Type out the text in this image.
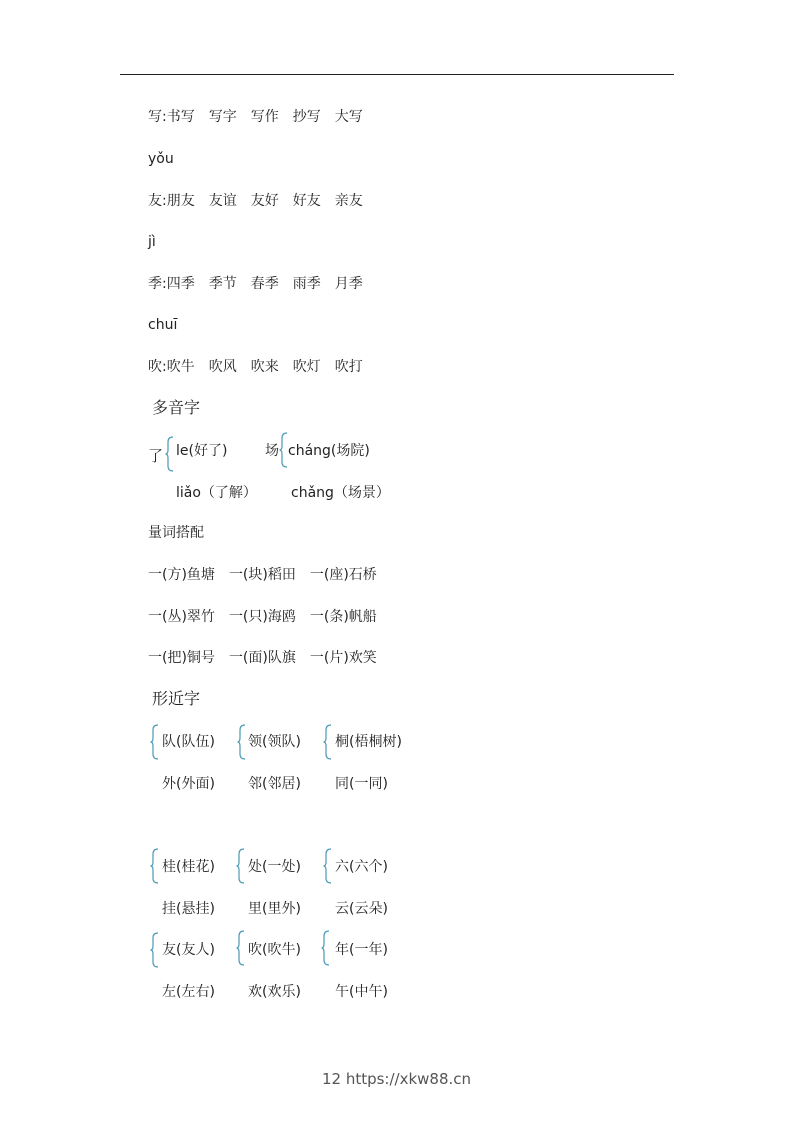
写:书写 写字 写作 抄写 大写
yǒu
友:朋友 友谊 友好 好友 亲友
jì
季:四季 季节 春季 雨季 月季
chuī
吹:吹牛 吹风 吹来 吹灯 吹打
多音字
了 le(好了)
liǎo（了解）
场 cháng(场院)
chǎng（场景）
量词搭配
一(方)鱼塘 一(块)稻田 一(座)石桥
一(丛)翠竹 一(只)海鸥 一(条)帆船
一(把)铜号 一(面)队旗 一(片)欢笑
形近字
队(队伍)
外(外面)
领(领队)
邻(邻居)
桐(梧桐树)
同(一同)
桂(桂花)
挂(悬挂)
处(一处)
里(里外)
六(六个)
云(云朵)
友(友人)
左(左右)
吹(吹牛)
欢(欢乐)
年(一年)
午(中午)
12 https://xkw88.cn
